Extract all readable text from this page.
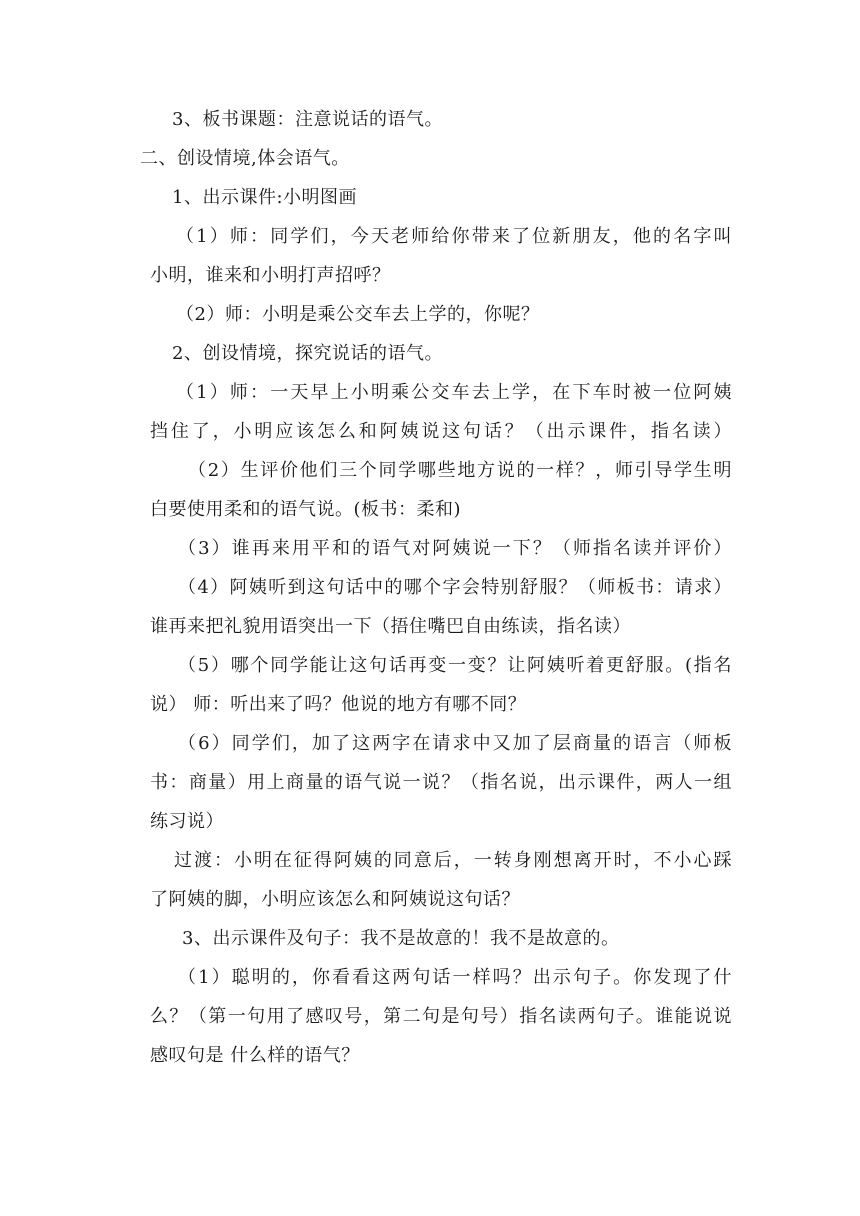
3、板书课题：注意说话的语气。
二、创设情境,体会语气。
1、出示课件:小明图画
（1）师：同学们，今天老师给你带来了位新朋友，他的名字叫
小明，谁来和小明打声招呼？
（2）师：小明是乘公交车去上学的，你呢？
2、创设情境，探究说话的语气。
（1）师：一天早上小明乘公交车去上学，在下车时被一位阿姨
挡住了，小明应该怎么和阿姨说这句话？（出示课件，指名读）
（2）生评价他们三个同学哪些地方说的一样？，师引导学生明
白要使用柔和的语气说。(板书：柔和)
（3）谁再来用平和的语气对阿姨说一下？（师指名读并评价）
（4）阿姨听到这句话中的哪个字会特别舒服？（师板书：请求）
谁再来把礼貌用语突出一下（捂住嘴巴自由练读，指名读）
（5）哪个同学能让这句话再变一变？让阿姨听着更舒服。(指名
说） 师：听出来了吗？他说的地方有哪不同？
（6）同学们，加了这两字在请求中又加了层商量的语言（师板
书：商量）用上商量的语气说一说？（指名说，出示课件，两人一组
练习说）
过渡：小明在征得阿姨的同意后，一转身刚想离开时，不小心踩
了阿姨的脚，小明应该怎么和阿姨说这句话？
3、出示课件及句子：我不是故意的！我不是故意的。
（1）聪明的，你看看这两句话一样吗？出示句子。你发现了什
么？（第一句用了感叹号，第二句是句号）指名读两句子。谁能说说
感叹句是 什么样的语气？
